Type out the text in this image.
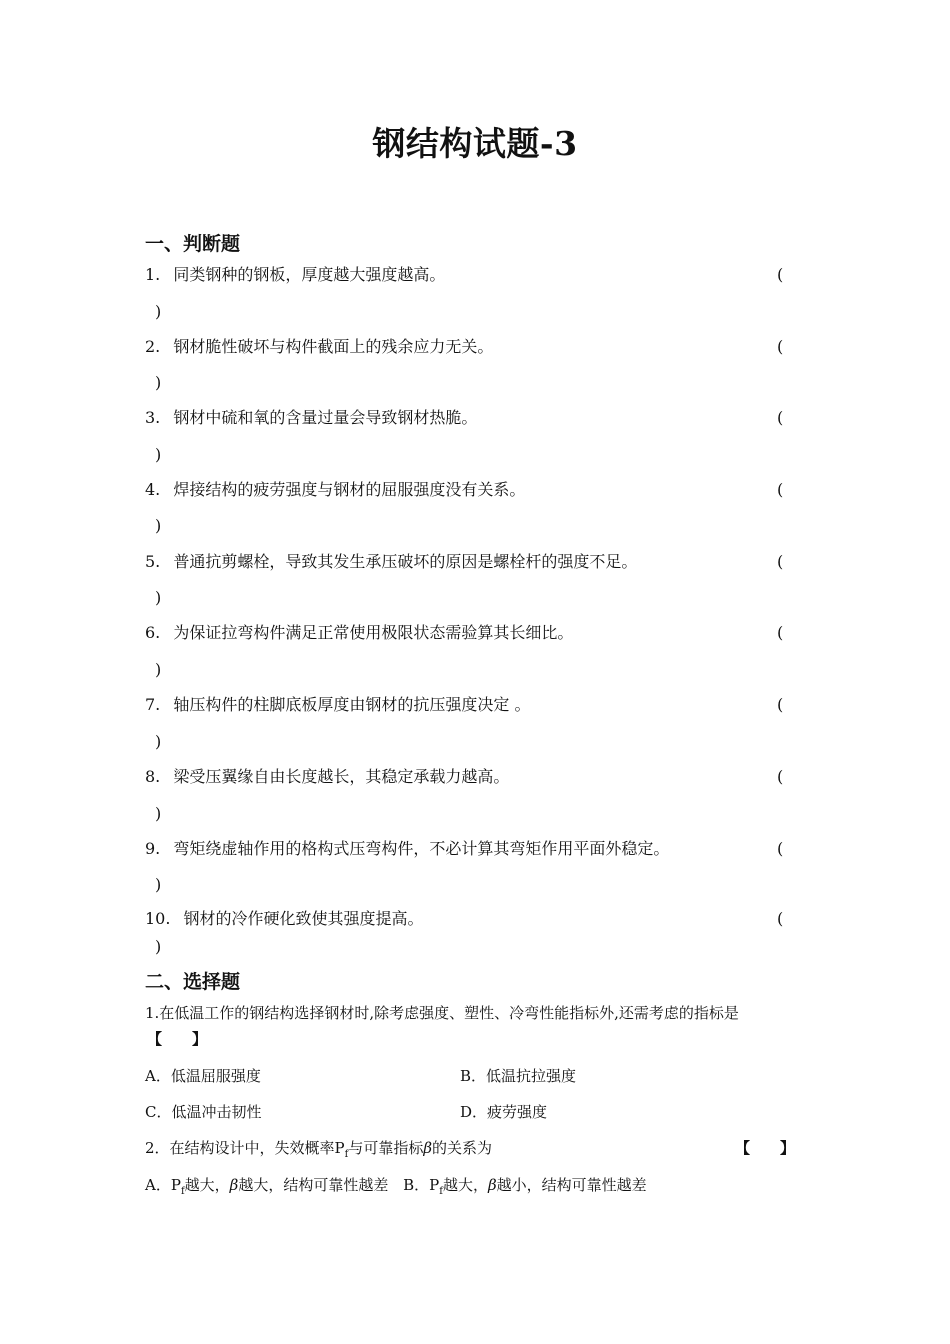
钢结构试题-3
一、判断题
1. 同类钢种的钢板，厚度越大强度越高。	(
)
2. 钢材脆性破坏与构件截面上的残余应力无关。	(
)
3. 钢材中硫和氧的含量过量会导致钢材热脆。	(
)
4. 焊接结构的疲劳强度与钢材的屈服强度没有关系。	(
)
5. 普通抗剪螺栓，导致其发生承压破坏的原因是螺栓杆的强度不足。	(
)
6. 为保证拉弯构件满足正常使用极限状态需验算其长细比。	(
)
7. 轴压构件的柱脚底板厚度由钢材的抗压强度决定 。	(
)
8. 梁受压翼缘自由长度越长，其稳定承载力越高。	(
)
9. 弯矩绕虚轴作用的格构式压弯构件，不必计算其弯矩作用平面外稳定。	(
)
10. 钢材的冷作硬化致使其强度提高。	(
)
二、选择题
1.在低温工作的钢结构选择钢材时,除考虑强度、塑性、冷弯性能指标外,还需考虑的指标是
【　　】
A．低温屈服强度	B．低温抗拉强度
C．低温冲击韧性	D．疲劳强度
2．在结构设计中，失效概率$P_f$与可靠指标β的关系为	【　　】
A．$P_f$越大，β越大，结构可靠性越差 B．$P_f$越大，β越小，结构可靠性越差
